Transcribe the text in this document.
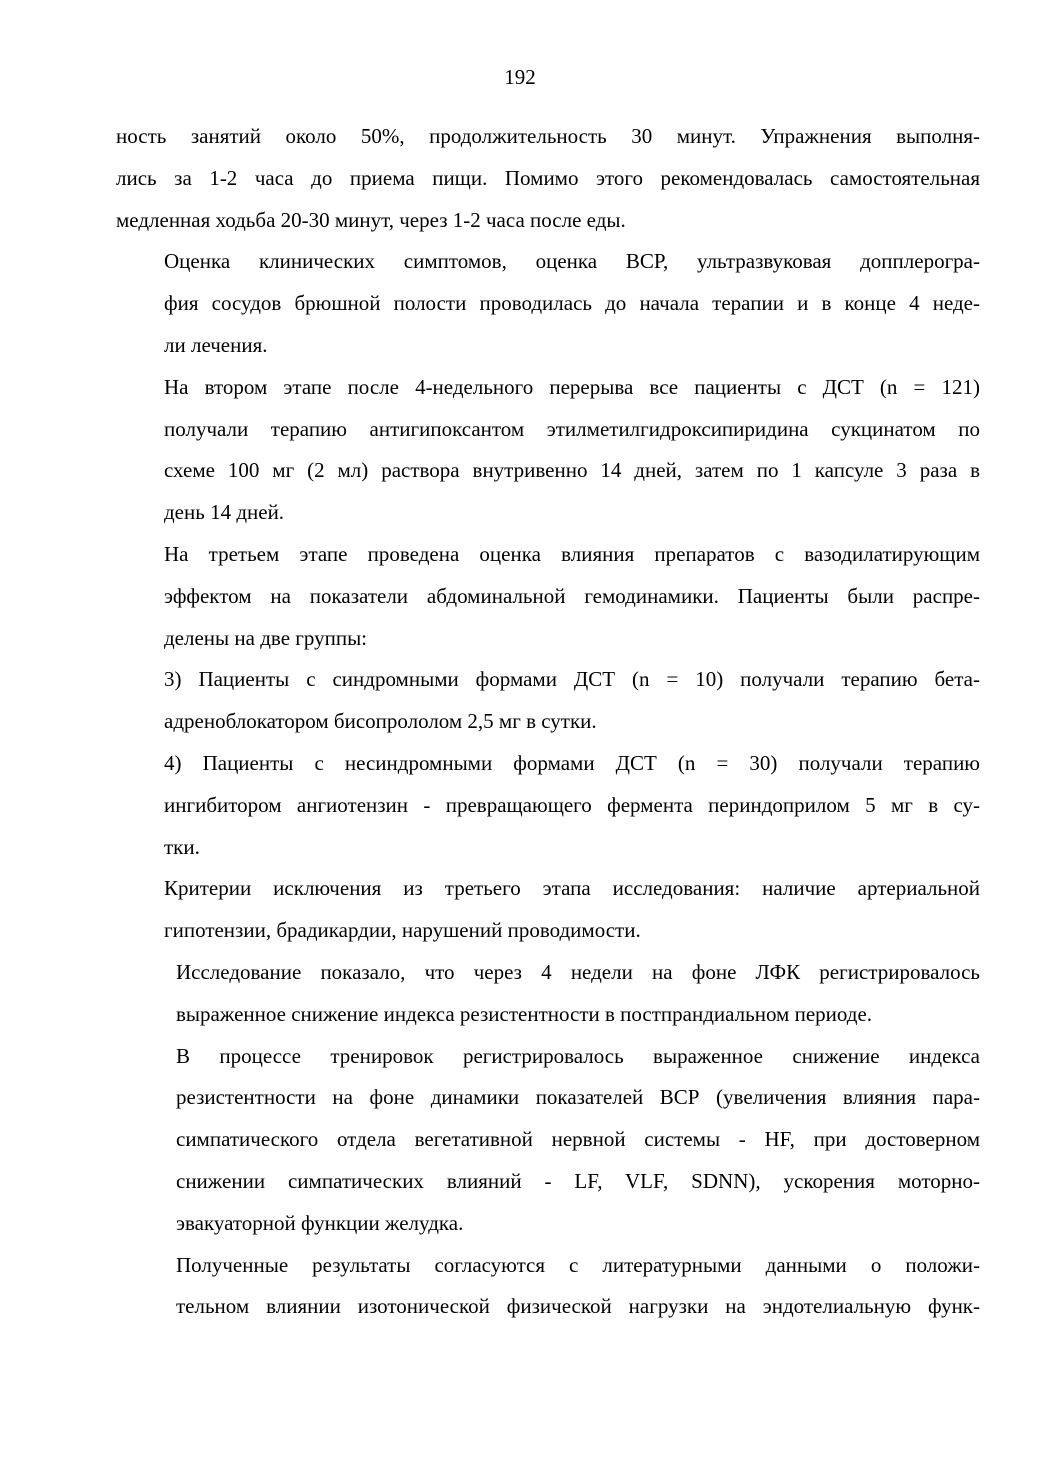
192

ность занятий около 50%, продолжительность 30 минут. Упражнения выполня-
лись за 1-2 часа до приема пищи. Помимо этого рекомендовалась самостоятельная
медленная ходьба 20-30 минут, через 1-2 часа после еды.

Оценка клинических симптомов, оценка ВСР, ультразвуковая допплерогра-
фия сосудов брюшной полости проводилась до начала терапии и в конце 4 неде-
ли лечения.

На втором этапе после 4-недельного перерыва все пациенты с ДСТ (n = 121)
получали терапию антигипоксантом этилметилгидроксипиридина сукцинатом по
схеме 100 мг (2 мл) раствора внутривенно 14 дней, затем по 1 капсуле 3 раза в
день 14 дней.

На третьем этапе проведена оценка влияния препаратов с вазодилатирующим
эффектом на показатели абдоминальной гемодинамики. Пациенты были распре-
делены на две группы:

3) Пациенты с синдромными формами ДСТ (n = 10) получали терапию бета-
адреноблокатором бисопрололом 2,5 мг в сутки.

4) Пациенты с несиндромными формами ДСТ (n = 30) получали терапию
ингибитором ангиотензин - превращающего фермента периндоприлом 5 мг в су-
тки.

Критерии исключения из третьего этапа исследования: наличие артериальной
гипотензии, брадикардии, нарушений проводимости.

Исследование показало, что через 4 недели на фоне ЛФК регистрировалось
выраженное снижение индекса резистентности в постпрандиальном периоде.

В процессе тренировок регистрировалось выраженное снижение индекса
резистентности на фоне динамики показателей ВСР (увеличения влияния пара-
симпатического отдела вегетативной нервной системы - HF, при достоверном
снижении симпатических влияний - LF, VLF, SDNN), ускорения моторно-
эвакуаторной функции желудка.

Полученные результаты согласуются с литературными данными о положи-
тельном влиянии изотонической физической нагрузки на эндотелиальную функ-
